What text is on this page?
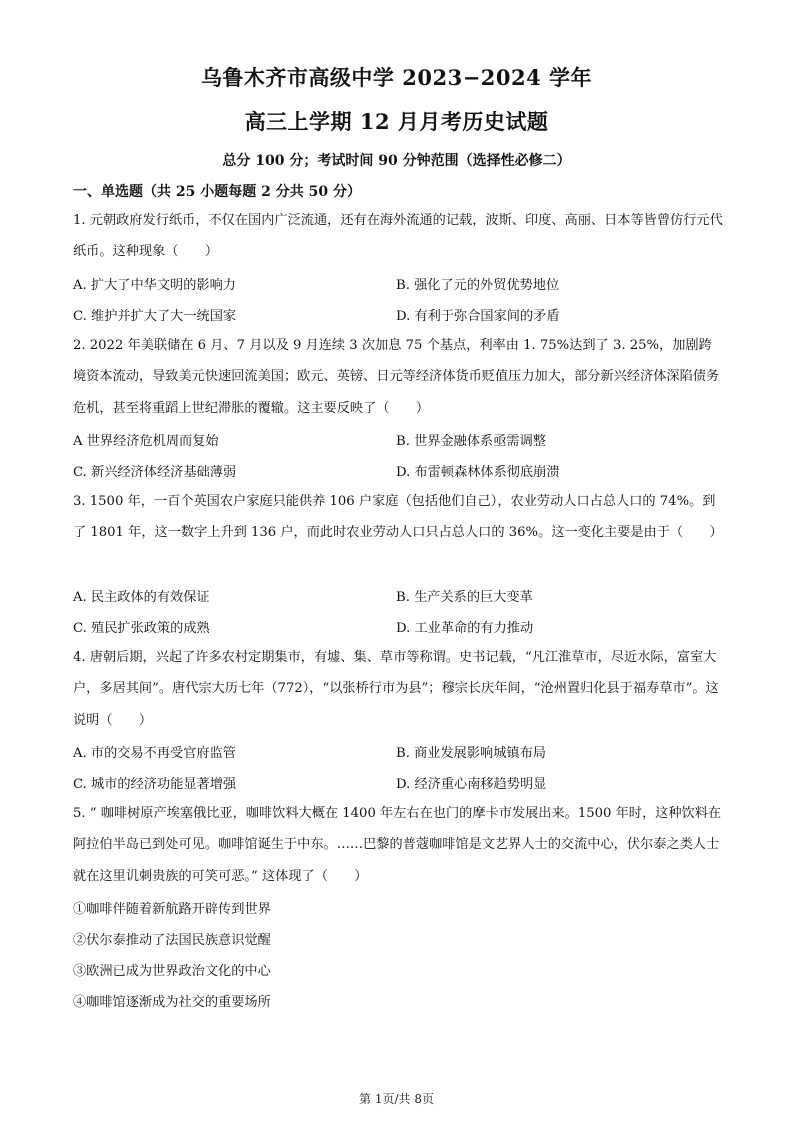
乌鲁木齐市高级中学 2023−2024 学年
高三上学期 12 月月考历史试题
总分 100 分；考试时间 90 分钟范围（选择性必修二）
一、单选题（共 25 小题每题 2 分共 50 分）
1. 元朝政府发行纸币，不仅在国内广泛流通，还有在海外流通的记载，波斯、印度、高丽、日本等皆曾仿行元代纸币。这种现象（　　）
A. 扩大了中华文明的影响力	B. 强化了元的外贸优势地位
C. 维护并扩大了大一统国家	D. 有利于弥合国家间的矛盾
2. 2022 年美联储在 6 月、7 月以及 9 月连续 3 次加息 75 个基点，利率由 1. 75%达到了 3. 25%，加剧跨境资本流动，导致美元快速回流美国；欧元、英镑、日元等经济体货币贬值压力加大，部分新兴经济体深陷债务危机，甚至将重蹈上世纪滞胀的覆辙。这主要反映了（　　）
A 世界经济危机周而复始	B. 世界金融体系亟需调整
C. 新兴经济体经济基础薄弱	D. 布雷顿森林体系彻底崩溃
3. 1500 年，一百个英国农户家庭只能供养 106 户家庭（包括他们自己），农业劳动人口占总人口的 74%。到了 1801 年，这一数字上升到 136 户，而此时农业劳动人口只占总人口的 36%。这一变化主要是由于（　　）
A. 民主政体的有效保证	B. 生产关系的巨大变革
C. 殖民扩张政策的成熟	D. 工业革命的有力推动
4. 唐朝后期，兴起了许多农村定期集市，有墟、集、草市等称谓。史书记载，“凡江淮草市，尽近水际，富室大户，多居其间”。唐代宗大历七年（772），“以张桥行市为县”；穆宗长庆年间，“沧州置归化县于福寿草市”。这说明（　　）
A. 市的交易不再受官府监管	B. 商业发展影响城镇布局
C. 城市的经济功能显著增强	D. 经济重心南移趋势明显
5. “ 咖啡树原产埃塞俄比亚，咖啡饮料大概在 1400 年左右在也门的摩卡市发展出来。1500 年时，这种饮料在阿拉伯半岛已到处可见。咖啡馆诞生于中东。……巴黎的普蔻咖啡馆是文艺界人士的交流中心，伏尔泰之类人士就在这里讥刺贵族的可笑可恶。” 这体现了（　　）
①咖啡伴随着新航路开辟传到世界
②伏尔泰推动了法国民族意识觉醒
③欧洲已成为世界政治文化的中心
④咖啡馆逐渐成为社交的重要场所
第 1页/共 8页
